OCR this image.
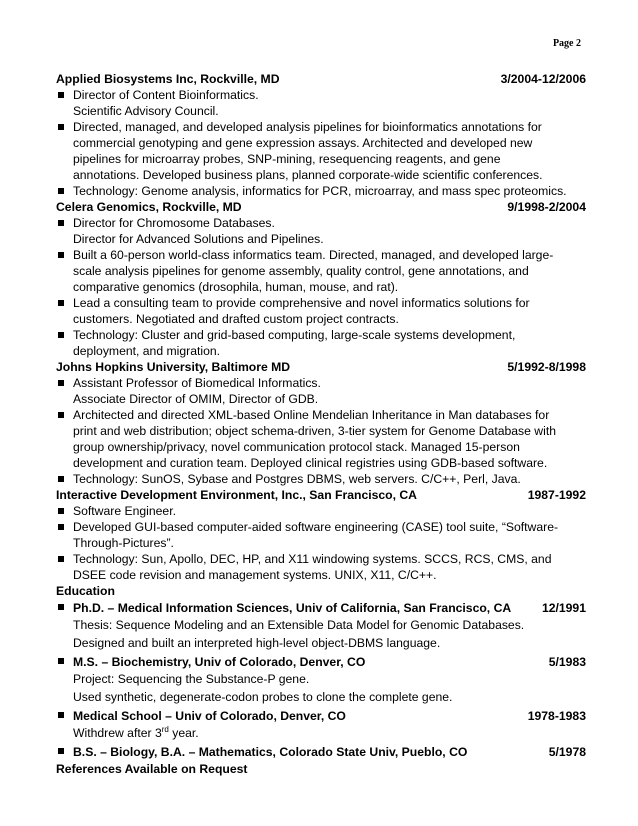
Page 2
Applied Biosystems Inc, Rockville, MD	3/2004-12/2006
Director of Content Bioinformatics.
Scientific Advisory Council.
Directed, managed, and developed analysis pipelines for bioinformatics annotations for
commercial genotyping and gene expression assays. Architected and developed new
pipelines for microarray probes, SNP-mining, resequencing reagents, and gene
annotations. Developed business plans, planned corporate-wide scientific conferences.
Technology: Genome analysis, informatics for PCR, microarray, and mass spec proteomics.
Celera Genomics, Rockville, MD	9/1998-2/2004
Director for Chromosome Databases.
Director for Advanced Solutions and Pipelines.
Built a 60-person world-class informatics team. Directed, managed, and developed large-
scale analysis pipelines for genome assembly, quality control, gene annotations, and
comparative genomics (drosophila, human, mouse, and rat).
Lead a consulting team to provide comprehensive and novel informatics solutions for
customers. Negotiated and drafted custom project contracts.
Technology: Cluster and grid-based computing, large-scale systems development,
deployment, and migration.
Johns Hopkins University, Baltimore MD	5/1992-8/1998
Assistant Professor of Biomedical Informatics.
Associate Director of OMIM, Director of GDB.
Architected and directed XML-based Online Mendelian Inheritance in Man databases for
print and web distribution; object schema-driven, 3-tier system for Genome Database with
group ownership/privacy, novel communication protocol stack. Managed 15-person
development and curation team. Deployed clinical registries using GDB-based software.
Technology: SunOS, Sybase and Postgres DBMS, web servers. C/C++, Perl, Java.
Interactive Development Environment, Inc., San Francisco, CA	1987-1992
Software Engineer.
Developed GUI-based computer-aided software engineering (CASE) tool suite, “Software-
Through-Pictures”.
Technology: Sun, Apollo, DEC, HP, and X11 windowing systems. SCCS, RCS, CMS, and
DSEE code revision and management systems. UNIX, X11, C/C++.
Education
Ph.D. – Medical Information Sciences, Univ of California, San Francisco, CA	12/1991
Thesis: Sequence Modeling and an Extensible Data Model for Genomic Databases.
Designed and built an interpreted high-level object-DBMS language.
M.S. – Biochemistry, Univ of Colorado, Denver, CO	5/1983
Project: Sequencing the Substance-P gene.
Used synthetic, degenerate-codon probes to clone the complete gene.
Medical School – Univ of Colorado, Denver, CO	1978-1983
Withdrew after 3rd year.
B.S. – Biology, B.A. – Mathematics, Colorado State Univ, Pueblo, CO	5/1978
References Available on Request
